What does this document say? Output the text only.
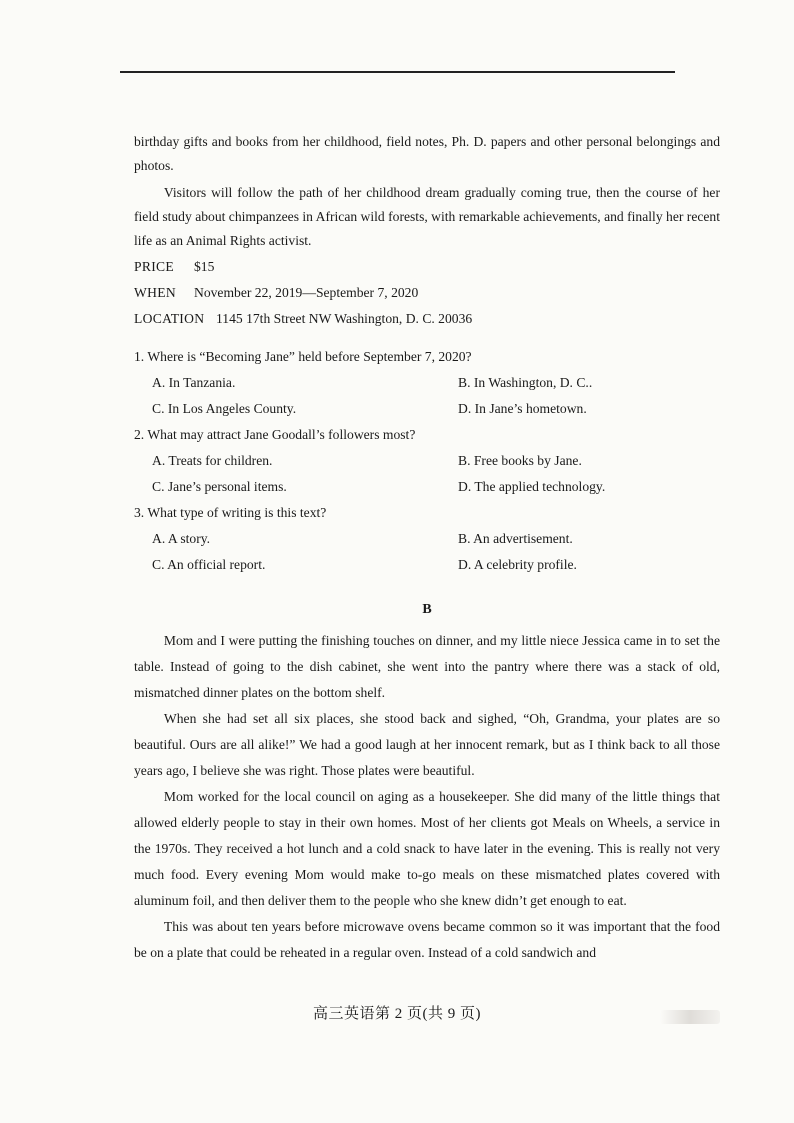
birthday gifts and books from her childhood, field notes, Ph. D. papers and other personal belongings and photos.

Visitors will follow the path of her childhood dream gradually coming true, then the course of her field study about chimpanzees in African wild forests, with remarkable achievements, and finally her recent life as an Animal Rights activist.

PRICE	$15
WHEN	November 22, 2019—September 7, 2020
LOCATION 1145 17th Street NW Washington, D. C. 20036
1. Where is “Becoming Jane” held before September 7, 2020?
A. In Tanzania.	B. In Washington, D. C..
C. In Los Angeles County.	D. In Jane’s hometown.
2. What may attract Jane Goodall’s followers most?
A. Treats for children.	B. Free books by Jane.
C. Jane’s personal items.	D. The applied technology.
3. What type of writing is this text?
A. A story.	B. An advertisement.
C. An official report.	D. A celebrity profile.
B

Mom and I were putting the finishing touches on dinner, and my little niece Jessica came in to set the table. Instead of going to the dish cabinet, she went into the pantry where there was a stack of old, mismatched dinner plates on the bottom shelf.

When she had set all six places, she stood back and sighed, “Oh, Grandma, your plates are so beautiful. Ours are all alike!” We had a good laugh at her innocent remark, but as I think back to all those years ago, I believe she was right. Those plates were beautiful.

Mom worked for the local council on aging as a housekeeper. She did many of the little things that allowed elderly people to stay in their own homes. Most of her clients got Meals on Wheels, a service in the 1970s. They received a hot lunch and a cold snack to have later in the evening. This is really not very much food. Every evening Mom would make to-go meals on these mismatched plates covered with aluminum foil, and then deliver them to the people who she knew didn’t get enough to eat.

This was about ten years before microwave ovens became common so it was important that the food be on a plate that could be reheated in a regular oven. Instead of a cold sandwich and

高三英语第 2 页(共 9 页)
